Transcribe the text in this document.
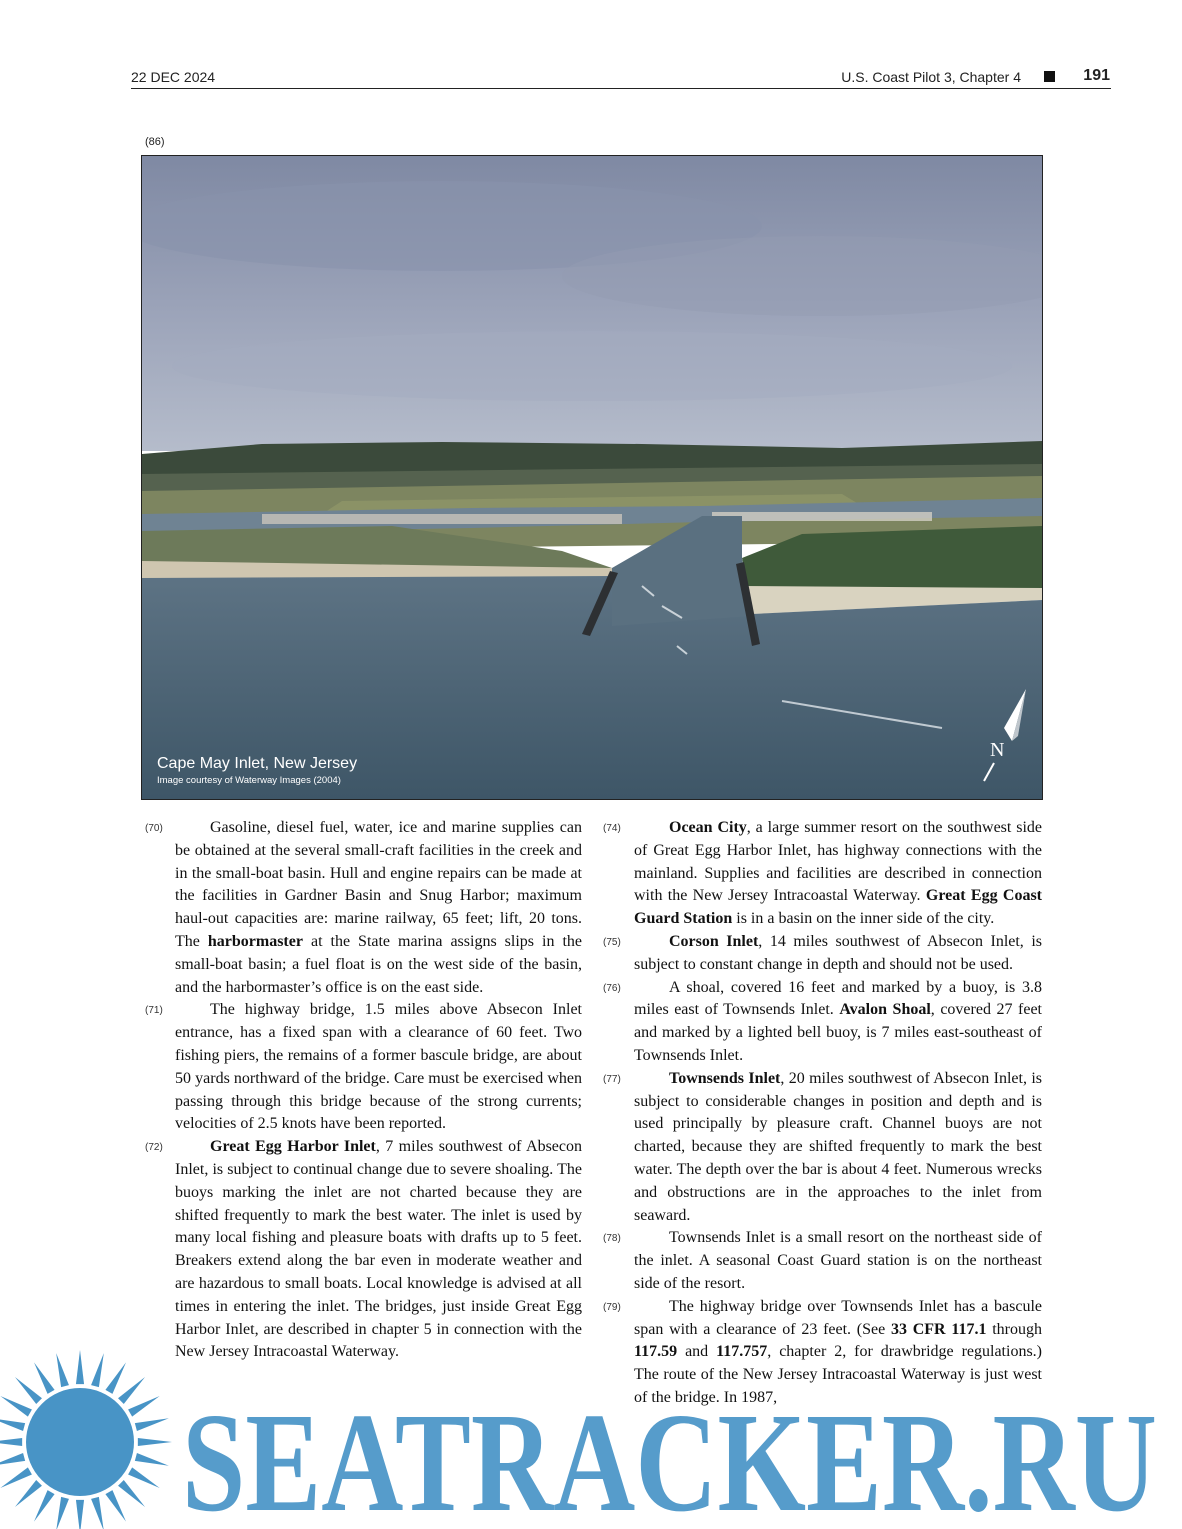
22 DEC 2024	U.S. Coast Pilot 3, Chapter 4	191
(86)
N
Cape May Inlet, New Jersey
Image courtesy of Waterway Images (2004)

(70)	Gasoline, diesel fuel, water, ice and marine supplies can be obtained at the several small-craft facilities in the creek and in the small-boat basin. Hull and engine repairs can be made at the facilities in Gardner Basin and Snug Harbor; maximum haul-out capacities are: marine railway, 65 feet; lift, 20 tons. The harbormaster at the State marina assigns slips in the small-boat basin; a fuel float is on the west side of the basin, and the harbormaster’s office is on the east side.

(71)	The highway bridge, 1.5 miles above Absecon Inlet entrance, has a fixed span with a clearance of 60 feet. Two fishing piers, the remains of a former bascule bridge, are about 50 yards northward of the bridge. Care must be exercised when passing through this bridge because of the strong currents; velocities of 2.5 knots have been reported.

(72)	Great Egg Harbor Inlet, 7 miles southwest of Absecon Inlet, is subject to continual change due to severe shoaling. The buoys marking the inlet are not charted because they are shifted frequently to mark the best water. The inlet is used by many local fishing and pleasure boats with drafts up to 5 feet. Breakers extend along the bar even in moderate weather and are hazardous to small boats. Local knowledge is advised at all times in entering the inlet. The bridges, just inside Great Egg Harbor Inlet, are described in chapter 5 in connection with the New Jersey Intracoastal Waterway.

(74)	Ocean City, a large summer resort on the southwest side of Great Egg Harbor Inlet, has highway connections with the mainland. Supplies and facilities are described in connection with the New Jersey Intracoastal Waterway. Great Egg Coast Guard Station is in a basin on the inner side of the city.

(75)	Corson Inlet, 14 miles southwest of Absecon Inlet, is subject to constant change in depth and should not be used.

(76)	A shoal, covered 16 feet and marked by a buoy, is 3.8 miles east of Townsends Inlet. Avalon Shoal, covered 27 feet and marked by a lighted bell buoy, is 7 miles east-southeast of Townsends Inlet.

(77)	Townsends Inlet, 20 miles southwest of Absecon Inlet, is subject to considerable changes in position and depth and is used principally by pleasure craft. Channel buoys are not charted, because they are shifted frequently to mark the best water. The depth over the bar is about 4 feet. Numerous wrecks and obstructions are in the approaches to the inlet from seaward.

(78)	Townsends Inlet is a small resort on the northeast side of the inlet. A seasonal Coast Guard station is on the northeast side of the resort.

(79)	The highway bridge over Townsends Inlet has a bascule span with a clearance of 23 feet. (See 33 CFR 117.1 through 117.59 and 117.757, chapter 2, for drawbridge regulations.) The route of the New Jersey Intracoastal Waterway is just west of the bridge. In 1987,

SEATRACKER.RU
